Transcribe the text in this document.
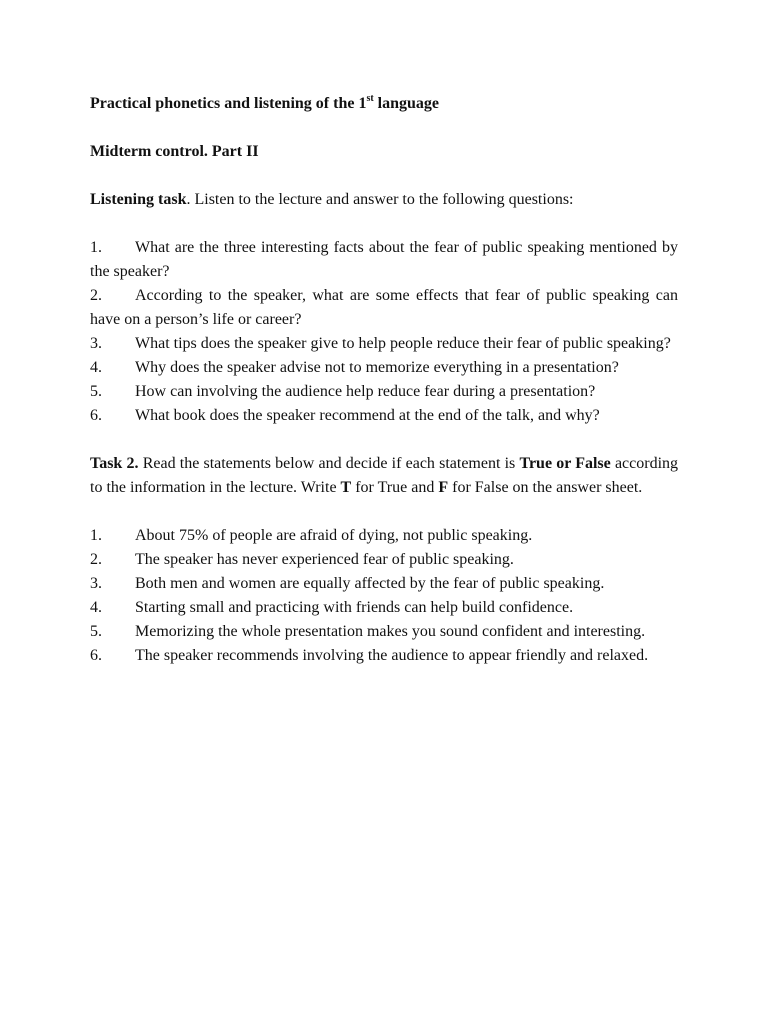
Practical phonetics and listening of the 1st language
Midterm control. Part II
Listening task. Listen to the lecture and answer to the following questions:
1. What are the three interesting facts about the fear of public speaking mentioned by the speaker?
2. According to the speaker, what are some effects that fear of public speaking can have on a person’s life or career?
3. What tips does the speaker give to help people reduce their fear of public speaking?
4. Why does the speaker advise not to memorize everything in a presentation?
5. How can involving the audience help reduce fear during a presentation?
6. What book does the speaker recommend at the end of the talk, and why?
Task 2. Read the statements below and decide if each statement is True or False according to the information in the lecture. Write T for True and F for False on the answer sheet.
1. About 75% of people are afraid of dying, not public speaking.
2. The speaker has never experienced fear of public speaking.
3. Both men and women are equally affected by the fear of public speaking.
4. Starting small and practicing with friends can help build confidence.
5. Memorizing the whole presentation makes you sound confident and interesting.
6. The speaker recommends involving the audience to appear friendly and relaxed.
